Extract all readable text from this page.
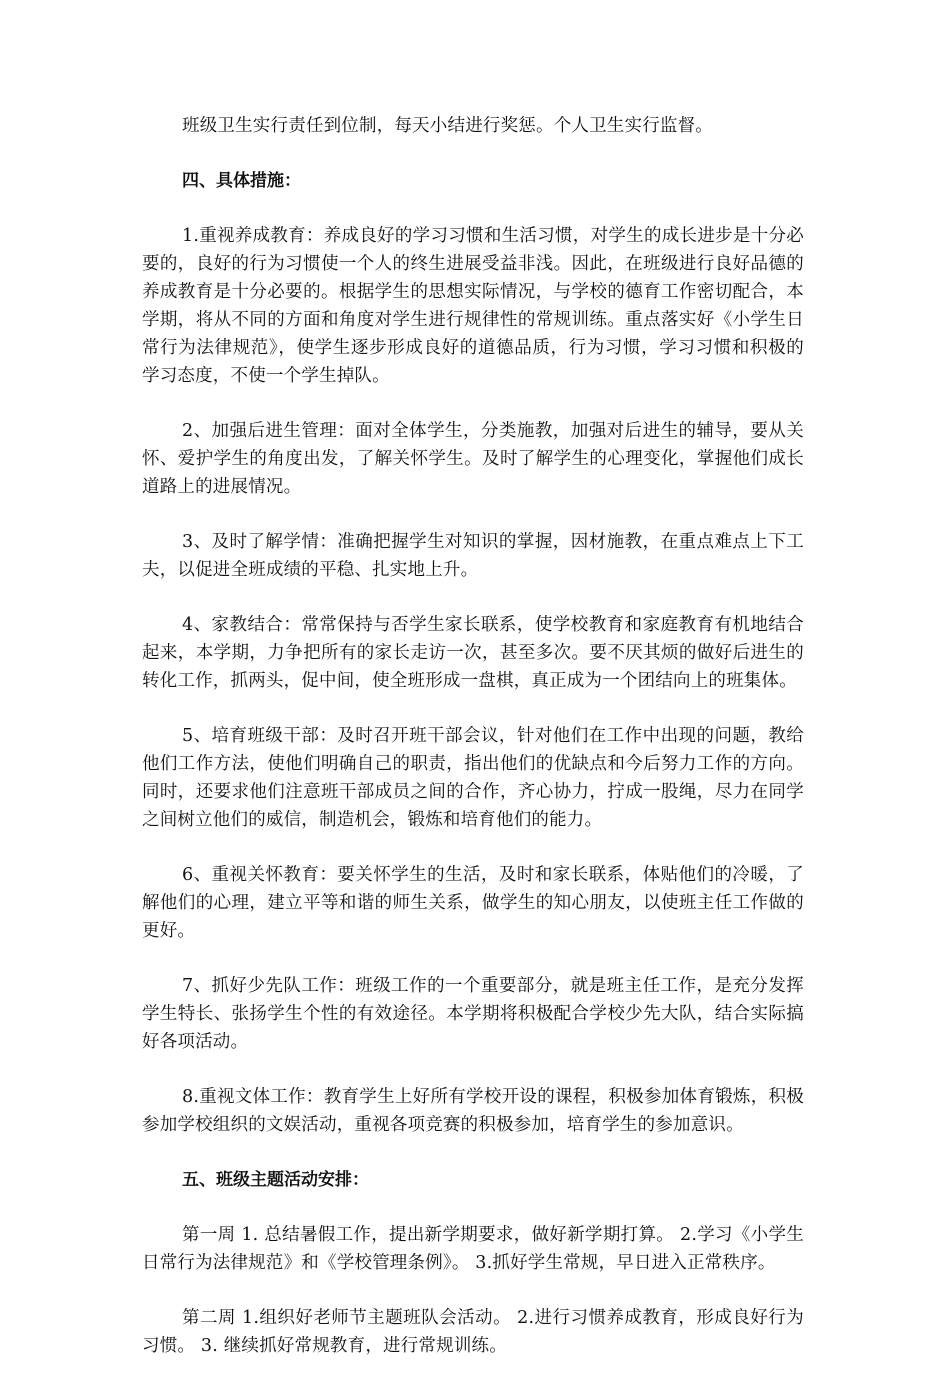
班级卫生实行责任到位制，每天小结进行奖惩。个人卫生实行监督。

四、具体措施：

1.重视养成教育：养成良好的学习习惯和生活习惯，对学生的成长进步是十分必要的，良好的行为习惯使一个人的终生进展受益非浅。因此，在班级进行良好品德的养成教育是十分必要的。根据学生的思想实际情况，与学校的德育工作密切配合，本学期，将从不同的方面和角度对学生进行规律性的常规训练。重点落实好《小学生日常行为法律规范》，使学生逐步形成良好的道德品质，行为习惯，学习习惯和积极的学习态度，不使一个学生掉队。

2、加强后进生管理：面对全体学生，分类施教，加强对后进生的辅导，要从关怀、爱护学生的角度出发，了解关怀学生。及时了解学生的心理变化，掌握他们成长道路上的进展情况。

3、及时了解学情：准确把握学生对知识的掌握，因材施教，在重点难点上下工夫，以促进全班成绩的平稳、扎实地上升。

4、家教结合：常常保持与否学生家长联系，使学校教育和家庭教育有机地结合起来，本学期，力争把所有的家长走访一次，甚至多次。要不厌其烦的做好后进生的转化工作，抓两头，促中间，使全班形成一盘棋，真正成为一个团结向上的班集体。

5、培育班级干部：及时召开班干部会议，针对他们在工作中出现的问题，教给他们工作方法，使他们明确自己的职责，指出他们的优缺点和今后努力工作的方向。同时，还要求他们注意班干部成员之间的合作，齐心协力，拧成一股绳，尽力在同学之间树立他们的威信，制造机会，锻炼和培育他们的能力。

6、重视关怀教育：要关怀学生的生活，及时和家长联系，体贴他们的冷暖，了解他们的心理，建立平等和谐的师生关系，做学生的知心朋友，以使班主任工作做的更好。

7、抓好少先队工作：班级工作的一个重要部分，就是班主任工作，是充分发挥学生特长、张扬学生个性的有效途径。本学期将积极配合学校少先大队，结合实际搞好各项活动。

8.重视文体工作：教育学生上好所有学校开设的课程，积极参加体育锻炼，积极参加学校组织的文娱活动，重视各项竞赛的积极参加，培育学生的参加意识。

五、班级主题活动安排：

第一周 1. 总结暑假工作，提出新学期要求，做好新学期打算。 2.学习《小学生日常行为法律规范》和《学校管理条例》。 3.抓好学生常规，早日进入正常秩序。

第二周 1.组织好老师节主题班队会活动。 2.进行习惯养成教育，形成良好行为习惯。 3. 继续抓好常规教育，进行常规训练。
